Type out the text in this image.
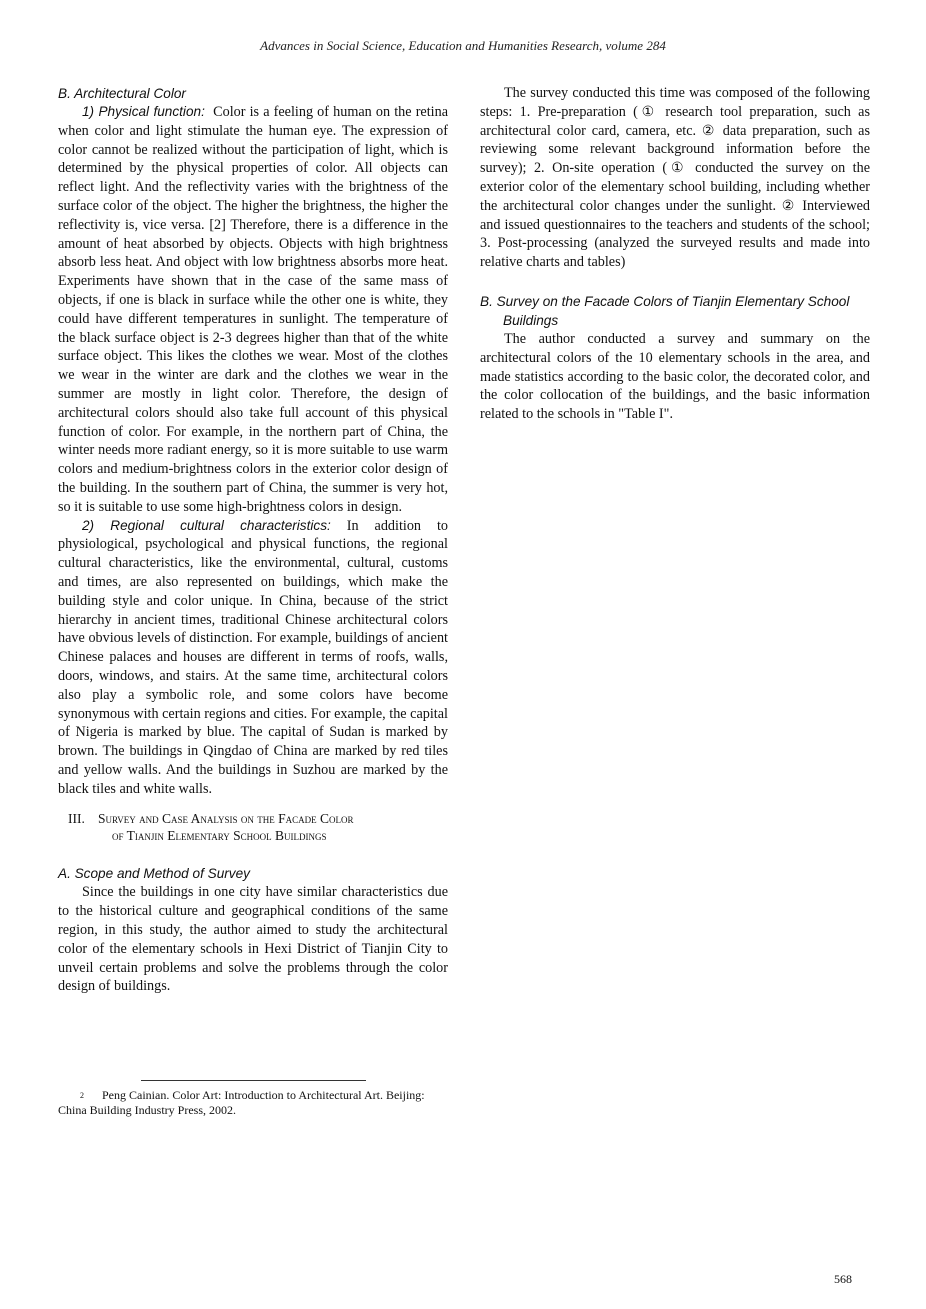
Advances in Social Science, Education and Humanities Research, volume 284
B. Architectural Color

1) Physical function: Color is a feeling of human on the retina when color and light stimulate the human eye. The expression of color cannot be realized without the participation of light, which is determined by the physical properties of color. All objects can reflect light. And the reflectivity varies with the brightness of the surface color of the object. The higher the brightness, the higher the reflectivity is, vice versa. [2] Therefore, there is a difference in the amount of heat absorbed by objects. Objects with high brightness absorb less heat. And object with low brightness absorbs more heat. Experiments have shown that in the case of the same mass of objects, if one is black in surface while the other one is white, they could have different temperatures in sunlight. The temperature of the black surface object is 2-3 degrees higher than that of the white surface object. This likes the clothes we wear. Most of the clothes we wear in the winter are dark and the clothes we wear in the summer are mostly in light color. Therefore, the design of architectural colors should also take full account of this physical function of color. For example, in the northern part of China, the winter needs more radiant energy, so it is more suitable to use warm colors and medium-brightness colors in the exterior color design of the building. In the southern part of China, the summer is very hot, so it is suitable to use some high-brightness colors in design.

2) Regional cultural characteristics: In addition to physiological, psychological and physical functions, the regional cultural characteristics, like the environmental, cultural, customs and times, are also represented on buildings, which make the building style and color unique. In China, because of the strict hierarchy in ancient times, traditional Chinese architectural colors have obvious levels of distinction. For example, buildings of ancient Chinese palaces and houses are different in terms of roofs, walls, doors, windows, and stairs. At the same time, architectural colors also play a symbolic role, and some colors have become synonymous with certain regions and cities. For example, the capital of Nigeria is marked by blue. The capital of Sudan is marked by brown. The buildings in Qingdao of China are marked by red tiles and yellow walls. And the buildings in Suzhou are marked by the black tiles and white walls.

III. Survey and Case Analysis on the Facade Color
of Tianjin Elementary School Buildings
A. Scope and Method of Survey

Since the buildings in one city have similar characteristics due to the historical culture and geographical conditions of the same region, in this study, the author aimed to study the architectural color of the elementary schools in Hexi District of Tianjin City to unveil certain problems and solve the problems through the color design of buildings.

The survey conducted this time was composed of the following steps: 1. Pre-preparation (① research tool preparation, such as architectural color card, camera, etc. ② data preparation, such as reviewing some relevant background information before the survey); 2. On-site operation (① conducted the survey on the exterior color of the elementary school building, including whether the architectural color changes under the sunlight. ② Interviewed and issued questionnaires to the teachers and students of the school; 3. Post-processing (analyzed the surveyed results and made into relative charts and tables)

B. Survey on the Facade Colors of Tianjin Elementary School Buildings

The author conducted a survey and summary on the architectural colors of the 10 elementary schools in the area, and made statistics according to the basic color, the decorated color, and the color collocation of the buildings, and the basic information related to the schools in "Table I".

$^2$ Peng Cainian. Color Art: Introduction to Architectural Art. Beijing: China Building Industry Press, 2002.
568
